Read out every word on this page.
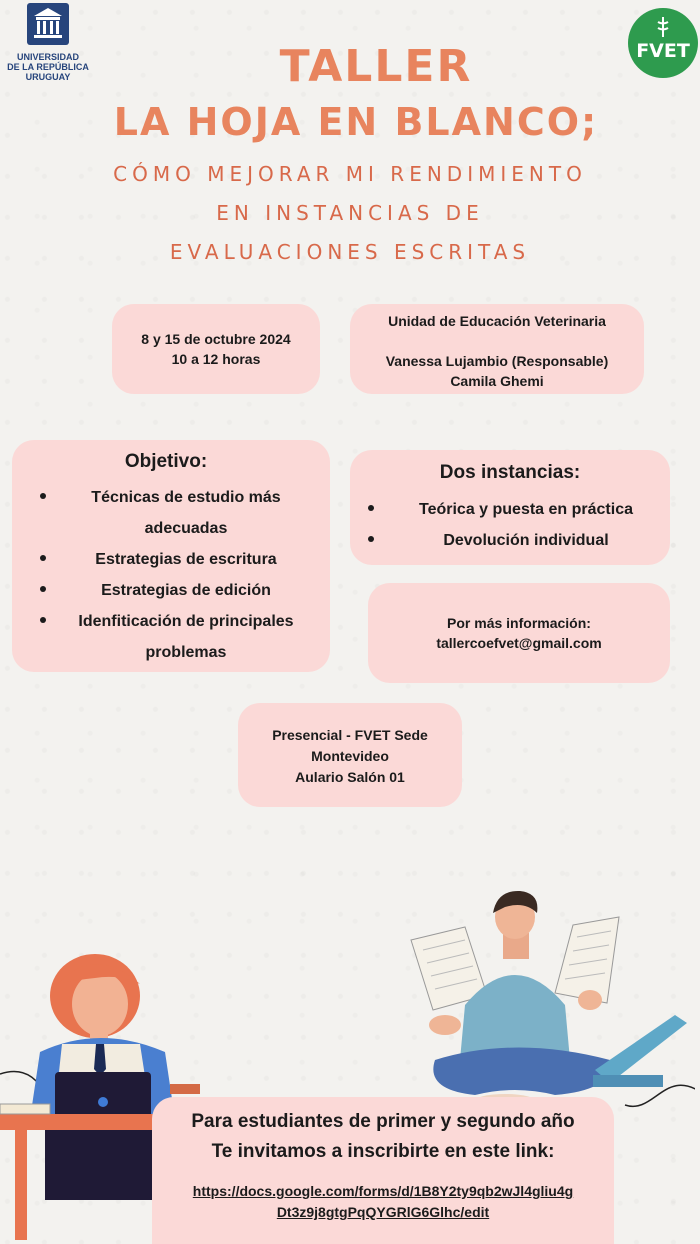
UNIVERSIDAD
DE LA REPÚBLICA
URUGUAY
FVET
TALLER
LA HOJA EN BLANCO;
CÓMO MEJORAR MI RENDIMIENTO
EN INSTANCIAS DE
EVALUACIONES ESCRITAS
8 y 15 de octubre 2024
10 a 12 horas
Unidad de Educación Veterinaria
Vanessa Lujambio (Responsable)
Camila Ghemi
Objetivo:
Técnicas de estudio más adecuadas
Estrategias de escritura
Estrategias de edición
Idenfiticación de principales problemas
Dos instancias:
Teórica y puesta en práctica
Devolución individual
Por más información:
tallercoefvet@gmail.com
Presencial - FVET Sede
Montevideo
Aulario Salón 01
Para estudiantes de primer y segundo año
Te invitamos a inscribirte en este link:
https://docs.google.com/forms/d/1B8Y2ty9qb2wJl4gliu4g
Dt3z9j8gtgPqQYGRlG6Glhc/edit
